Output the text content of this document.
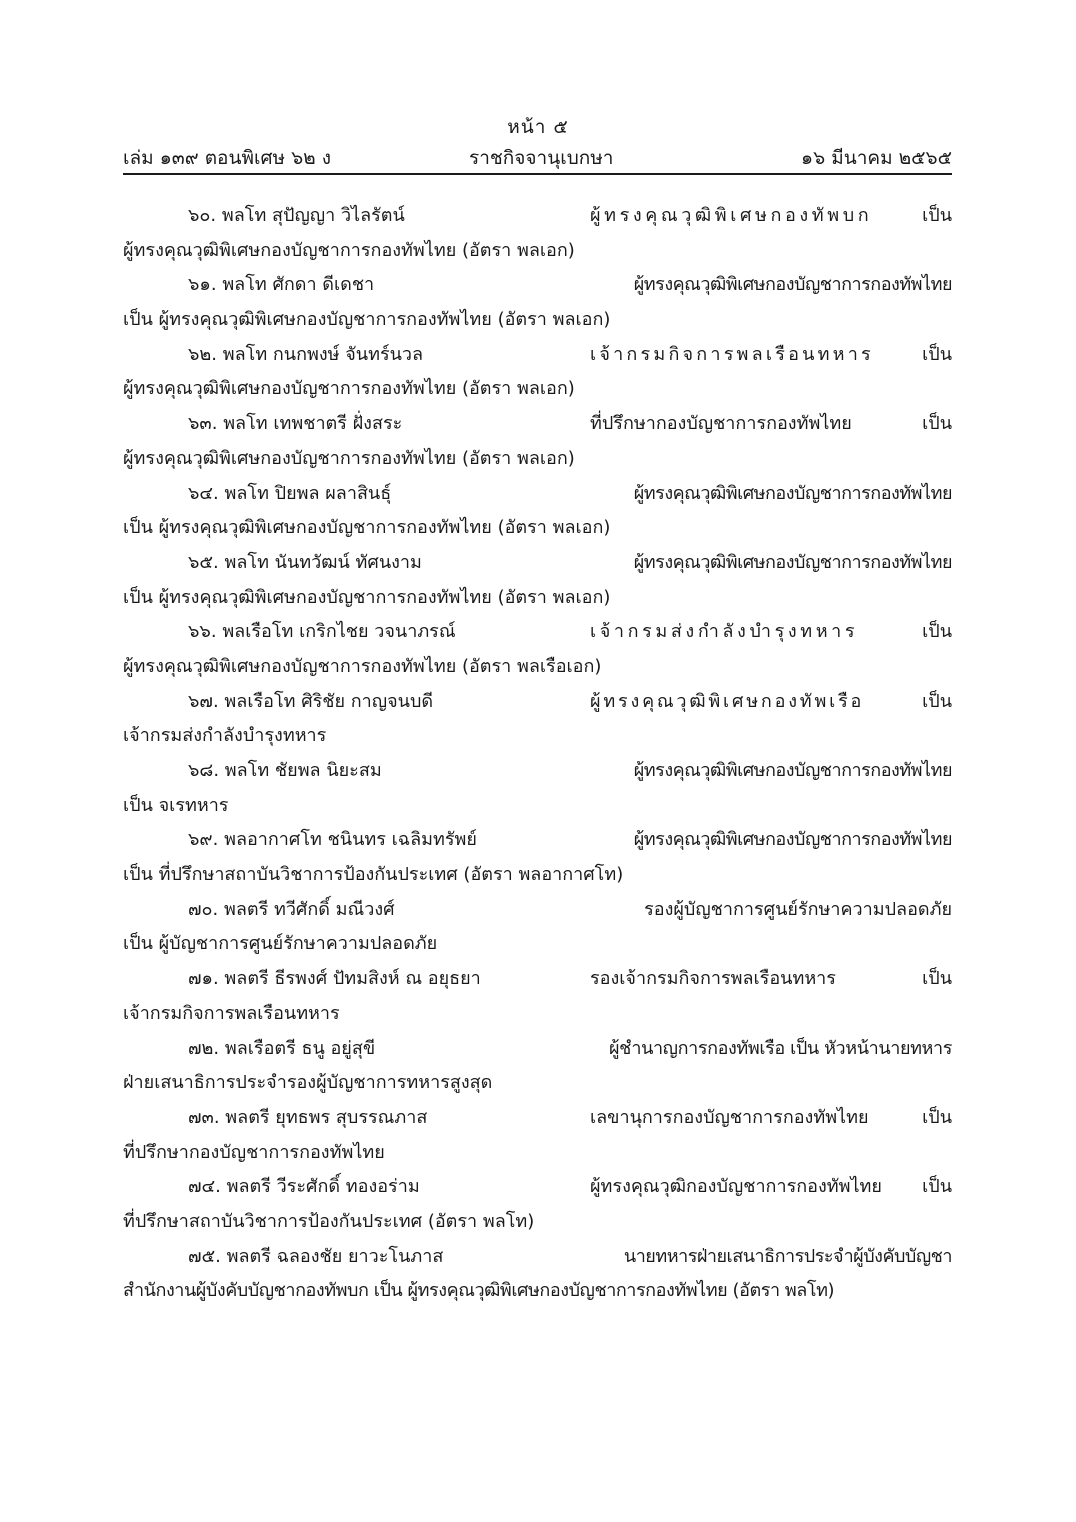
หน้า ๕
เล่ม ๑๓๙ ตอนพิเศษ ๖๒ ง	ราชกิจจานุเบกษา	๑๖ มีนาคม ๒๕๖๕
๖๐. พลโท สุปัญญา วิไลรัตน์	ผู้ทรงคุณวุฒิพิเศษกองทัพบก	เป็น
ผู้ทรงคุณวุฒิพิเศษกองบัญชาการกองทัพไทย (อัตรา พลเอก)
๖๑. พลโท ศักดา ดีเดชา	ผู้ทรงคุณวุฒิพิเศษกองบัญชาการกองทัพไทย
เป็น ผู้ทรงคุณวุฒิพิเศษกองบัญชาการกองทัพไทย (อัตรา พลเอก)
๖๒. พลโท กนกพงษ์ จันทร์นวล	เจ้ากรมกิจการพลเรือนทหาร	เป็น
ผู้ทรงคุณวุฒิพิเศษกองบัญชาการกองทัพไทย (อัตรา พลเอก)
๖๓. พลโท เทพชาตรี ฝั่งสระ	ที่ปรึกษากองบัญชาการกองทัพไทย	เป็น
ผู้ทรงคุณวุฒิพิเศษกองบัญชาการกองทัพไทย (อัตรา พลเอก)
๖๔. พลโท ปิยพล ผลาสินธุ์	ผู้ทรงคุณวุฒิพิเศษกองบัญชาการกองทัพไทย
เป็น ผู้ทรงคุณวุฒิพิเศษกองบัญชาการกองทัพไทย (อัตรา พลเอก)
๖๕. พลโท นันทวัฒน์ ทัศนงาม	ผู้ทรงคุณวุฒิพิเศษกองบัญชาการกองทัพไทย
เป็น ผู้ทรงคุณวุฒิพิเศษกองบัญชาการกองทัพไทย (อัตรา พลเอก)
๖๖. พลเรือโท เกริกไชย วจนาภรณ์	เจ้ากรมส่งกำลังบำรุงทหาร	เป็น
ผู้ทรงคุณวุฒิพิเศษกองบัญชาการกองทัพไทย (อัตรา พลเรือเอก)
๖๗. พลเรือโท ศิริชัย กาญจนบดี	ผู้ทรงคุณวุฒิพิเศษกองทัพเรือ	เป็น
เจ้ากรมส่งกำลังบำรุงทหาร
๖๘. พลโท ชัยพล นิยะสม	ผู้ทรงคุณวุฒิพิเศษกองบัญชาการกองทัพไทย
เป็น จเรทหาร
๖๙. พลอากาศโท ชนินทร เฉลิมทรัพย์	ผู้ทรงคุณวุฒิพิเศษกองบัญชาการกองทัพไทย
เป็น ที่ปรึกษาสถาบันวิชาการป้องกันประเทศ (อัตรา พลอากาศโท)
๗๐. พลตรี ทวีศักดิ์ มณีวงศ์	รองผู้บัญชาการศูนย์รักษาความปลอดภัย
เป็น ผู้บัญชาการศูนย์รักษาความปลอดภัย
๗๑. พลตรี ธีรพงศ์ ปัทมสิงห์ ณ อยุธยา	รองเจ้ากรมกิจการพลเรือนทหาร	เป็น
เจ้ากรมกิจการพลเรือนทหาร
๗๒. พลเรือตรี ธนู อยู่สุขี	ผู้ชำนาญการกองทัพเรือ เป็น หัวหน้านายทหาร
ฝ่ายเสนาธิการประจำรองผู้บัญชาการทหารสูงสุด
๗๓. พลตรี ยุทธพร สุบรรณภาส	เลขานุการกองบัญชาการกองทัพไทย	เป็น
ที่ปรึกษากองบัญชาการกองทัพไทย
๗๔. พลตรี วีระศักดิ์ ทองอร่าม	ผู้ทรงคุณวุฒิกองบัญชาการกองทัพไทย เป็น
ที่ปรึกษาสถาบันวิชาการป้องกันประเทศ (อัตรา พลโท)
๗๕. พลตรี ฉลองชัย ยาวะโนภาส	นายทหารฝ่ายเสนาธิการประจำผู้บังคับบัญชา
สำนักงานผู้บังคับบัญชากองทัพบก เป็น ผู้ทรงคุณวุฒิพิเศษกองบัญชาการกองทัพไทย (อัตรา พลโท)
